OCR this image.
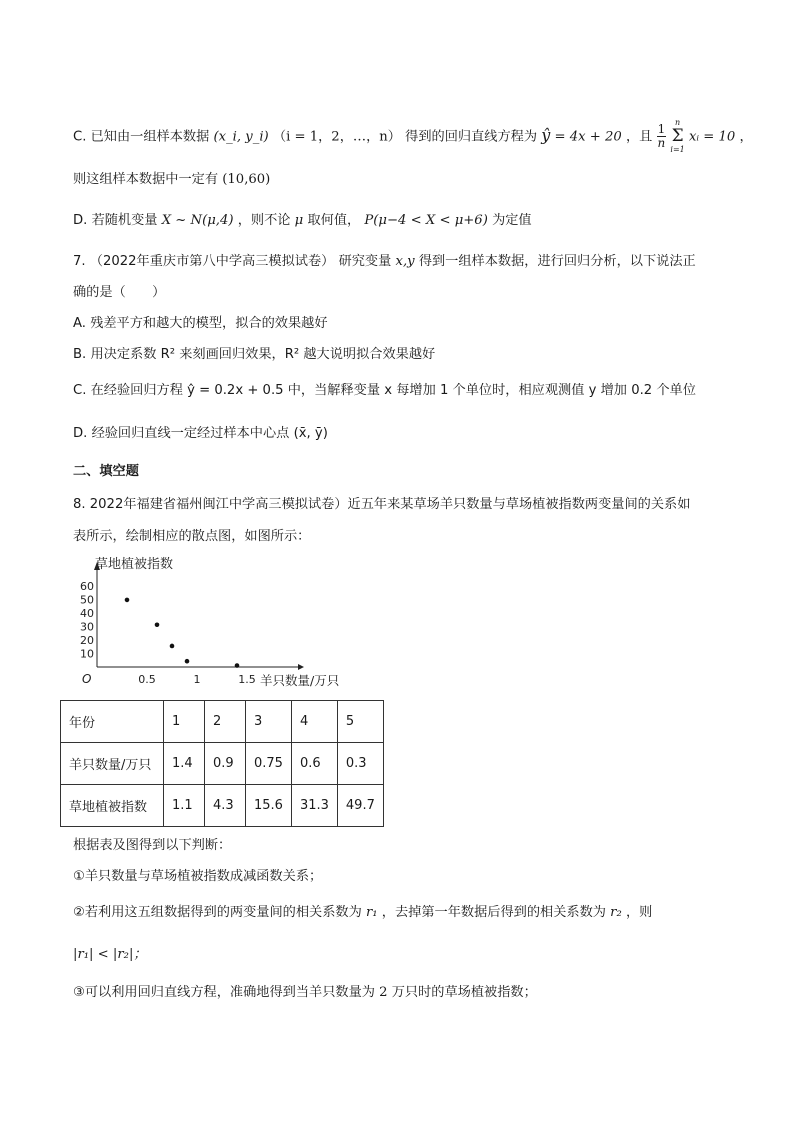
C. 已知由一组样本数据 (x_i, y_i) （i = 1，2，…，n） 得到的回归直线方程为 ŷ = 4x + 20 ，且 $\frac{1}{n}$
n
Σ
i=1
xᵢ = 10 ，
则这组样本数据中一定有 (10,60)
D. 若随机变量 X ~ N(μ,4) ，则不论 μ 取何值， P(μ−4 < X < μ+6) 为定值
7. （2022年重庆市第八中学高三模拟试卷） 研究变量 x,y 得到一组样本数据，进行回归分析，以下说法正
确的是（　　）
A. 残差平方和越大的模型，拟合的效果越好
B. 用决定系数 R² 来刻画回归效果，R² 越大说明拟合效果越好
C. 在经验回归方程 ŷ = 0.2x + 0.5 中，当解释变量 x 每增加 1 个单位时，相应观测值 y 增加 0.2 个单位
D. 经验回归直线一定经过样本中心点 (x̄, ȳ)
二、填空题
8. 2022年福建省福州闽江中学高三模拟试卷）近五年来某草场羊只数量与草场植被指数两变量间的关系如
表所示，绘制相应的散点图，如图所示：
草地植被指数
羊只数量/万只
O
10
20
30
40
50
60
0.5	1	1.5
年份	1	2	3	4	5
羊只数量/万只	1.4	0.9	0.75	0.6	0.3
草地植被指数	1.1	4.3	15.6	31.3	49.7
根据表及图得到以下判断：
①羊只数量与草场植被指数成减函数关系；
②若利用这五组数据得到的两变量间的相关系数为 r₁ ，去掉第一年数据后得到的相关系数为 r₂ ，则
|r₁| < |r₂|；
③可以利用回归直线方程，准确地得到当羊只数量为 2 万只时的草场植被指数；
